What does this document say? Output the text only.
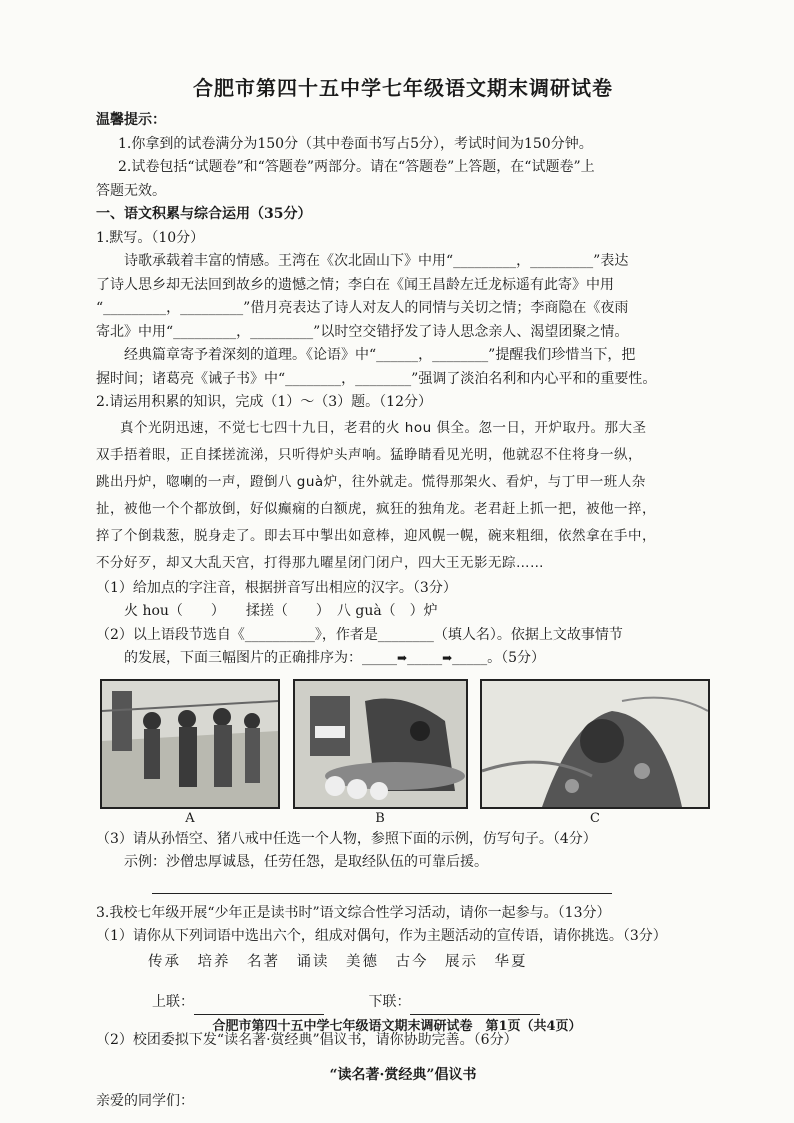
合肥市第四十五中学七年级语文期末调研试卷

温馨提示：

1.你拿到的试卷满分为150分（其中卷面书写占5分），考试时间为150分钟。

2.试卷包括“试题卷”和“答题卷”两部分。请在“答题卷”上答题，在“试题卷”上

答题无效。

一、语文积累与综合运用（35分）

1.默写。（10分）

诗歌承载着丰富的情感。王湾在《次北固山下》中用“_________，_________”表达

了诗人思乡却无法回到故乡的遗憾之情；李白在《闻王昌龄左迁龙标遥有此寄》中用

“_________，_________”借月亮表达了诗人对友人的同情与关切之情；李商隐在《夜雨

寄北》中用“_________，_________”以时空交错抒发了诗人思念亲人、渴望团聚之情。

经典篇章寄予着深刻的道理。《论语》中“______，________”提醒我们珍惜当下，把

握时间；诸葛亮《诫子书》中“________，________”强调了淡泊名利和内心平和的重要性。

2.请运用积累的知识，完成（1）～（3）题。（12分）

真个光阴迅速，不觉七七四十九日，老君的火 hou 俱全。忽一日，开炉取丹。那大圣

双手捂着眼，正自揉搓流涕，只听得炉头声响。猛睁睛看见光明，他就忍不住将身一纵，

跳出丹炉，唿喇的一声，蹬倒八 guà炉，往外就走。慌得那架火、看炉，与丁甲一班人杂

扯，被他一个个都放倒，好似癫痫的白额虎，疯狂的独角龙。老君赶上抓一把，被他一捽，

捽了个倒栽葱，脱身走了。即去耳中掣出如意棒，迎风幌一幌，碗来粗细，依然拿在手中，

不分好歹，却又大乱天宫，打得那九曜星闭门闭户，四大王无影无踪……

（1）给加点的字注音，根据拼音写出相应的汉字。（3分）

火 hou（　　）　　揉搓（　　）　八 guà（　）炉

（2）以上语段节选自《__________》，作者是________（填人名）。依据上文故事情节

的发展，下面三幅图片的正确排序为：_____➡_____➡_____。（5分）

A	B	C

（3）请从孙悟空、猪八戒中任选一个人物，参照下面的示例，仿写句子。（4分）

示例：沙僧忠厚诚恳，任劳任怨，是取经队伍的可靠后援。

3.我校七年级开展“少年正是读书时”语文综合性学习活动，请你一起参与。（13分）

（1）请你从下列词语中选出六个，组成对偶句，作为主题活动的宣传语，请你挑选。（3分）

传承　培养　名著　诵读　美德　古今　展示　华夏

上联：	下联：

（2）校团委拟下发“读名著·赏经典”倡议书，请你协助完善。（6分）

“读名著·赏经典”倡议书

亲爱的同学们：

合肥市第四十五中学七年级语文期末调研试卷　第1页（共4页）
